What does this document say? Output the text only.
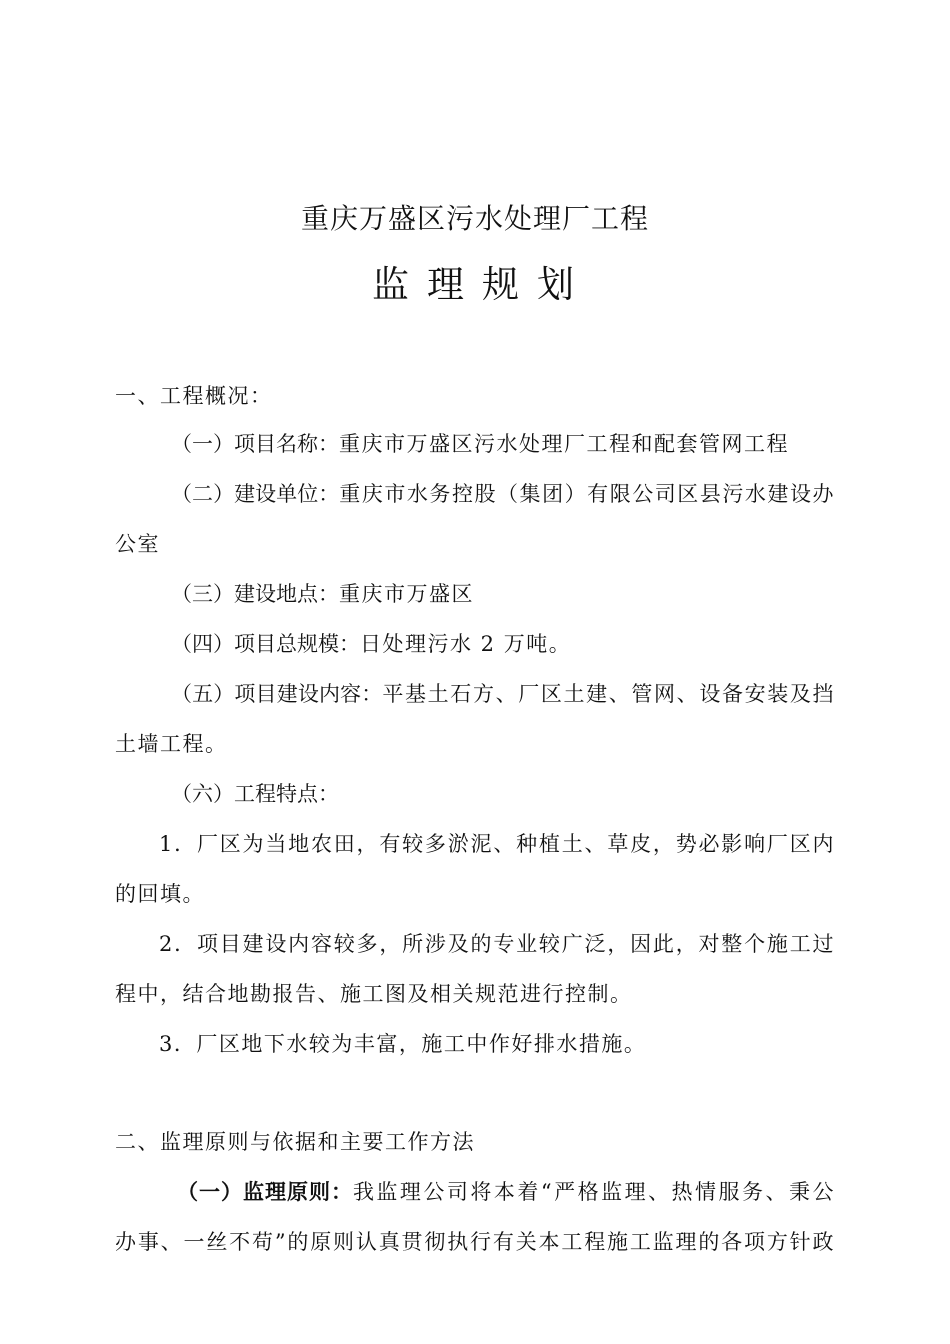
重庆万盛区污水处理厂工程
监理规划
一、工程概况：
（一）项目名称：重庆市万盛区污水处理厂工程和配套管网工程
（二）建设单位：重庆市水务控股（集团）有限公司区县污水建设办
公室
（三）建设地点：重庆市万盛区
（四）项目总规模：日处理污水 2 万吨。
（五）项目建设内容：平基土石方、厂区土建、管网、设备安装及挡
土墙工程。
（六）工程特点：
1．厂区为当地农田，有较多淤泥、种植土、草皮，势必影响厂区内
的回填。
2．项目建设内容较多，所涉及的专业较广泛，因此，对整个施工过
程中，结合地勘报告、施工图及相关规范进行控制。
3．厂区地下水较为丰富，施工中作好排水措施。
二、监理原则与依据和主要工作方法
（一）监理原则：我监理公司将本着“严格监理、热情服务、秉公
办事、一丝不苟”的原则认真贯彻执行有关本工程施工监理的各项方针政
